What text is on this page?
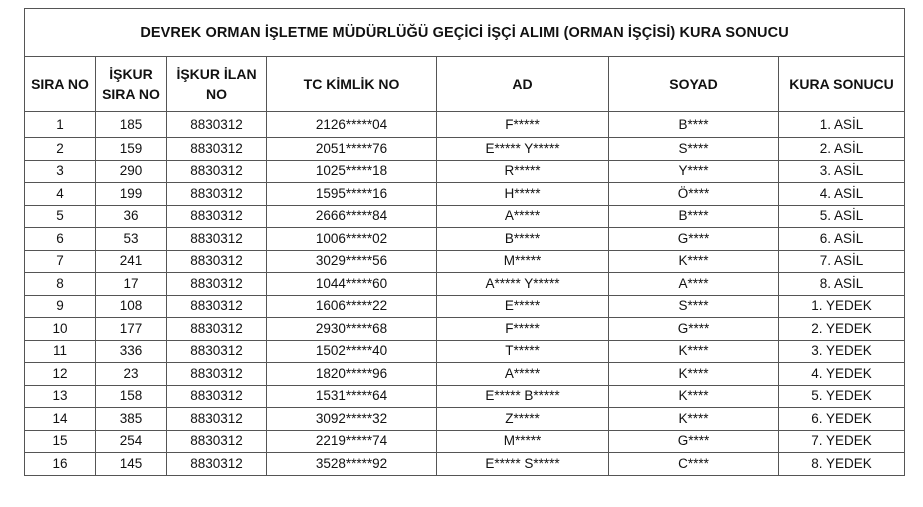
DEVREK ORMAN İŞLETME MÜDÜRLÜĞÜ GEÇİCİ İŞÇİ ALIMI (ORMAN İŞÇİSİ) KURA SONUCU						
SIRA NO	İŞKUR SIRA NO	İŞKUR İLAN NO	TC KİMLİK NO	AD	SOYAD	KURA SONUCU
1	185	8830312	2126*****04	F*****	B****	1. ASİL
2	159	8830312	2051*****76	E***** Y*****	S****	2. ASİL
3	290	8830312	1025*****18	R*****	Y****	3. ASİL
4	199	8830312	1595*****16	H*****	Ö****	4. ASİL
5	36	8830312	2666*****84	A*****	B****	5. ASİL
6	53	8830312	1006*****02	B*****	G****	6. ASİL
7	241	8830312	3029*****56	M*****	K****	7. ASİL
8	17	8830312	1044*****60	A***** Y*****	A****	8. ASİL
9	108	8830312	1606*****22	E*****	S****	1. YEDEK
10	177	8830312	2930*****68	F*****	G****	2. YEDEK
11	336	8830312	1502*****40	T*****	K****	3. YEDEK
12	23	8830312	1820*****96	A*****	K****	4. YEDEK
13	158	8830312	1531*****64	E***** B*****	K****	5. YEDEK
14	385	8830312	3092*****32	Z*****	K****	6. YEDEK
15	254	8830312	2219*****74	M*****	G****	7. YEDEK
16	145	8830312	3528*****92	E***** S*****	C****	8. YEDEK
